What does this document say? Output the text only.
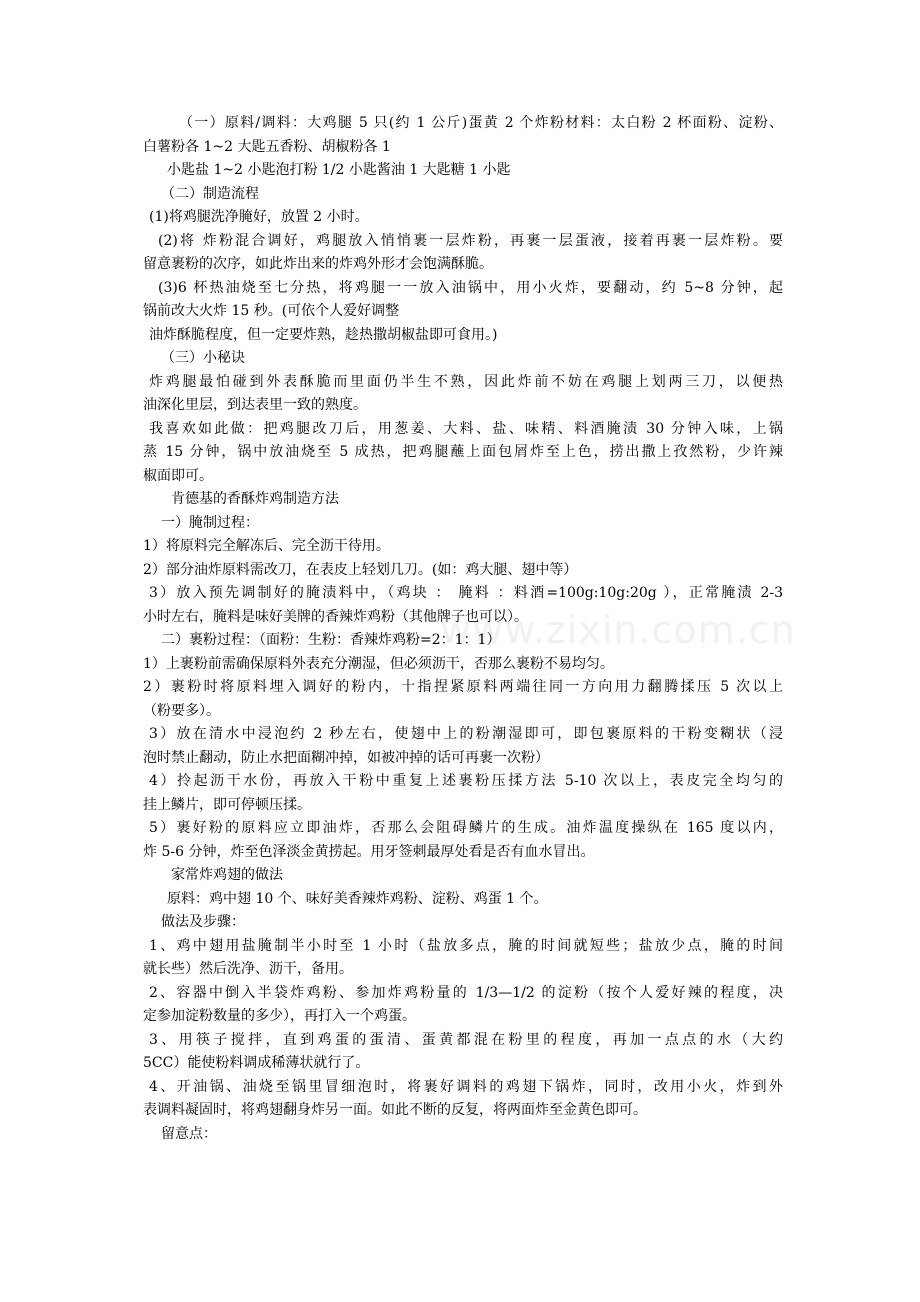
www.zixin.com.cn
（一）原料/调料：大鸡腿 5 只(约 1 公斤)蛋黄 2 个炸粉材料：太白粉 2 杯面粉、淀粉、
白薯粉各 1~2 大匙五香粉、胡椒粉各 1
小匙盐 1~2 小匙泡打粉 1/2 小匙酱油 1 大匙糖 1 小匙
（二）制造流程
(1)将鸡腿洗净腌好，放置 2 小时。
(2)将 炸粉混合调好，鸡腿放入悄悄裹一层炸粉，再裹一层蛋液，接着再裹一层炸粉。要
留意裹粉的次序，如此炸出来的炸鸡外形才会饱满酥脆。
(3)6 杯热油烧至七分热，将鸡腿一一放入油锅中，用小火炸，要翻动，约 5~8 分钟，起
锅前改大火炸 15 秒。(可依个人爱好调整
油炸酥脆程度，但一定要炸熟，趁热撒胡椒盐即可食用。)
（三）小秘诀
炸鸡腿最怕碰到外表酥脆而里面仍半生不熟，因此炸前不妨在鸡腿上划两三刀，以便热
油深化里层，到达表里一致的熟度。
我喜欢如此做：把鸡腿改刀后，用葱姜、大料、盐、味精、料酒腌渍 30 分钟入味，上锅
蒸 15 分钟，锅中放油烧至 5 成热，把鸡腿蘸上面包屑炸至上色，捞出撒上孜然粉，少许辣
椒面即可。
肯德基的香酥炸鸡制造方法
一）腌制过程：
1）将原料完全解冻后、完全沥干待用。
2）部分油炸原料需改刀，在表皮上轻划几刀。(如：鸡大腿、翅中等）
3）放入预先调制好的腌渍料中，（鸡块 ： 腌料 ：料酒=100g:10g:20g ），正常腌渍 2-3
小时左右，腌料是味好美牌的香辣炸鸡粉（其他牌子也可以）。
二）裹粉过程：（面粉：生粉：香辣炸鸡粉=2：1：1）
1）上裹粉前需确保原料外表充分潮湿，但必须沥干，否那么裹粉不易均匀。
2）裹粉时将原料埋入调好的粉内，十指捏紧原料两端往同一方向用力翻腾揉压 5 次以上
（粉要多）。
3）放在清水中浸泡约 2 秒左右，使翅中上的粉潮湿即可，即包裹原料的干粉变糊状（浸
泡时禁止翻动，防止水把面糊冲掉，如被冲掉的话可再裹一次粉）
4）拎起沥干水份，再放入干粉中重复上述裹粉压揉方法 5-10 次以上，表皮完全均匀的
挂上鳞片，即可停顿压揉。
5）裹好粉的原料应立即油炸，否那么会阻碍鳞片的生成。油炸温度操纵在 165 度以内，
炸 5-6 分钟，炸至色泽淡金黄捞起。用牙签刺最厚处看是否有血水冒出。
家常炸鸡翅的做法
原料：鸡中翅 10 个、味好美香辣炸鸡粉、淀粉、鸡蛋 1 个。
做法及步骤：
1、鸡中翅用盐腌制半小时至 1 小时（盐放多点，腌的时间就短些；盐放少点，腌的时间
就长些）然后洗净、沥干，备用。
2、容器中倒入半袋炸鸡粉、参加炸鸡粉量的 1/3—1/2 的淀粉（按个人爱好辣的程度，决
定参加淀粉数量的多少），再打入一个鸡蛋。
3、用筷子搅拌，直到鸡蛋的蛋清、蛋黄都混在粉里的程度，再加一点点的水（大约
5CC）能使粉料调成稀薄状就行了。
4、开油锅、油烧至锅里冒细泡时，将裹好调料的鸡翅下锅炸，同时，改用小火，炸到外
表调料凝固时，将鸡翅翻身炸另一面。如此不断的反复，将两面炸至金黄色即可。
留意点：
